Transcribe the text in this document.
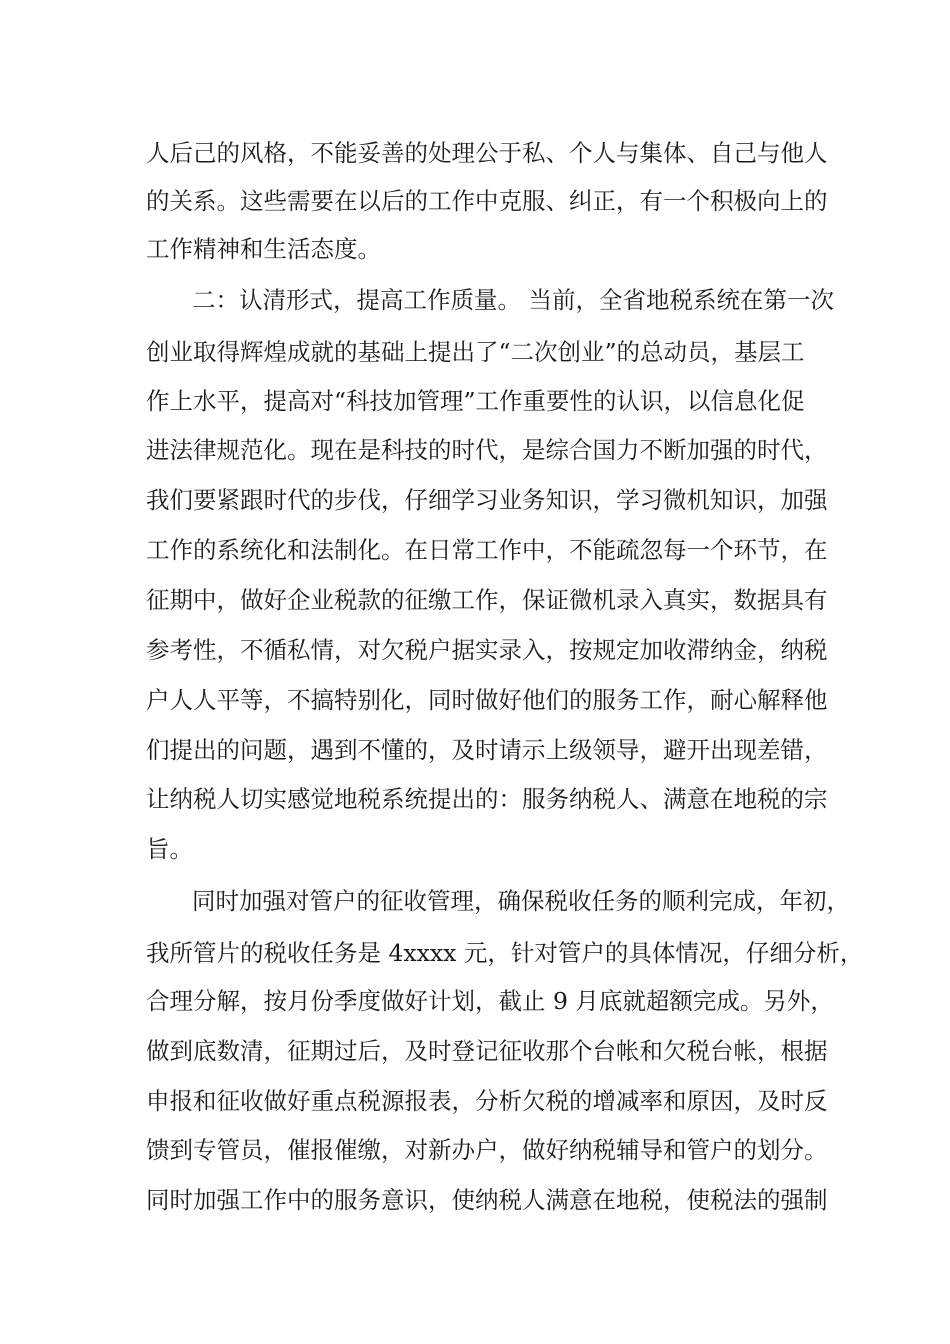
人后己的风格，不能妥善的处理公于私、个人与集体、自己与他人

的关系。这些需要在以后的工作中克服、纠正，有一个积极向上的

工作精神和生活态度。

二：认清形式，提高工作质量。 当前，全省地税系统在第一次

创业取得辉煌成就的基础上提出了“二次创业”的总动员，基层工

作上水平，提高对“科技加管理”工作重要性的认识，以信息化促

进法律规范化。现在是科技的时代，是综合国力不断加强的时代，

我们要紧跟时代的步伐，仔细学习业务知识，学习微机知识，加强

工作的系统化和法制化。在日常工作中，不能疏忽每一个环节，在

征期中，做好企业税款的征缴工作，保证微机录入真实，数据具有

参考性，不循私情，对欠税户据实录入，按规定加收滞纳金，纳税

户人人平等，不搞特别化，同时做好他们的服务工作，耐心解释他

们提出的问题，遇到不懂的，及时请示上级领导，避开出现差错，

让纳税人切实感觉地税系统提出的：服务纳税人、满意在地税的宗

旨。

同时加强对管户的征收管理，确保税收任务的顺利完成，年初，

我所管片的税收任务是 4xxxx 元，针对管户的具体情况，仔细分析，

合理分解，按月份季度做好计划，截止 9 月底就超额完成。另外，

做到底数清，征期过后，及时登记征收那个台帐和欠税台帐，根据

申报和征收做好重点税源报表，分析欠税的增减率和原因，及时反

馈到专管员，催报催缴，对新办户，做好纳税辅导和管户的划分。

同时加强工作中的服务意识，使纳税人满意在地税，使税法的强制
